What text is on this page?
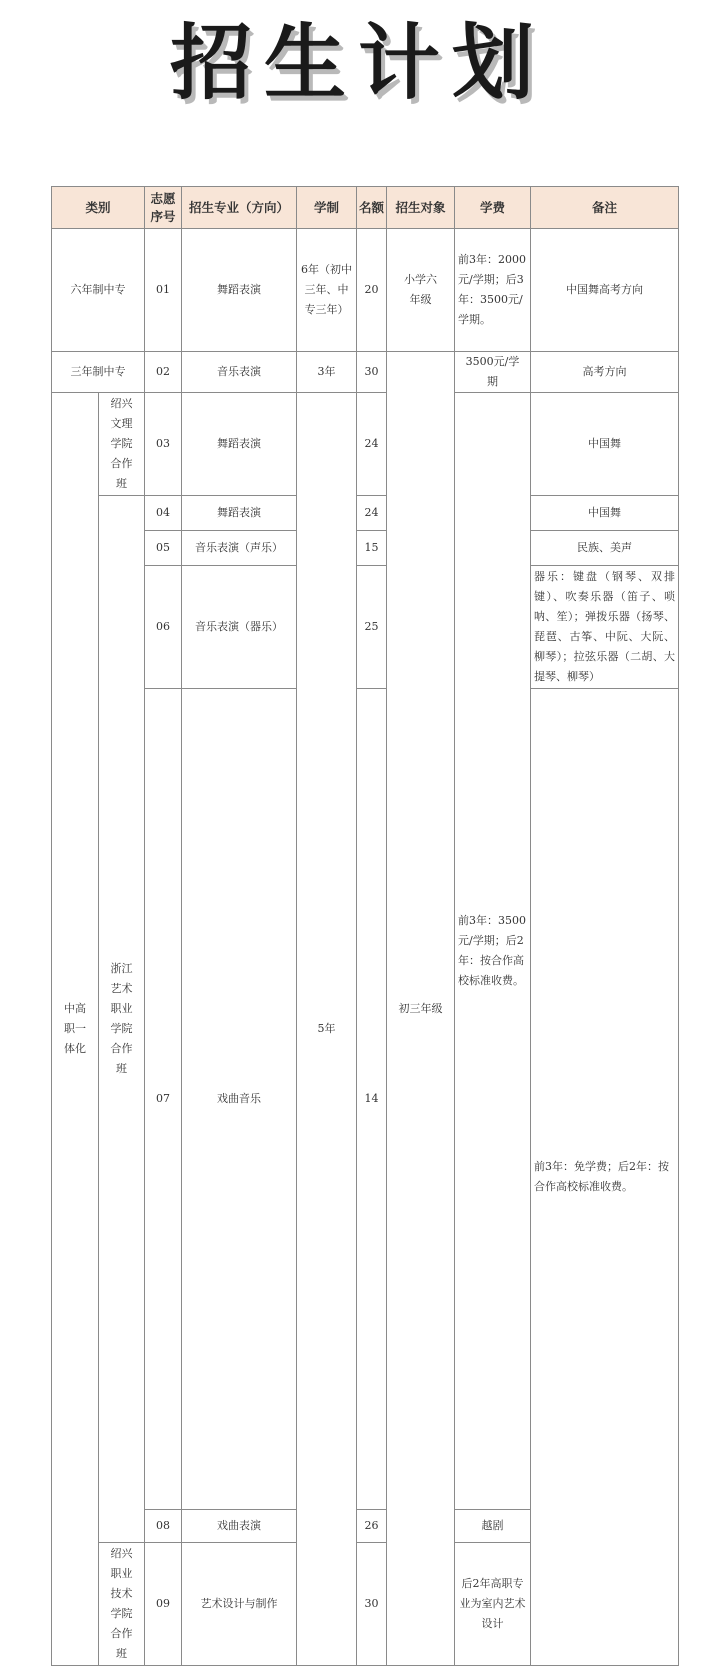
招生计划
类别		志愿序号	招生专业（方向）	学制	名额	招生对象	学费	备注	
六年制中专		01	舞蹈表演	6年（初中三年、中专三年）	20	小学六年级	前3年：2000元/学期；后3年：3500元/学期。	中国舞高考方向	
三年制中专		02	音乐表演	3年	30	初三年级	3500元/学期	高考方向	
中高职一体化	绍兴文理学院合作班	03	舞蹈表演	5年	24		前3年：3500元/学期；后2年：按合作高校标准收费。	中国舞	
	浙江艺术职业学院合作班	04	舞蹈表演		24			中国舞	
		05	音乐表演（声乐）		15			民族、美声	
		06	音乐表演（器乐）		25			器乐：键盘（钢琴、双排键）、吹奏乐器（笛子、唢呐、笙）；弹拨乐器（扬琴、琵琶、古筝、中阮、大阮、柳琴）；拉弦乐器（二胡、大提琴、柳琴）	
		07	戏曲音乐		14			前3年：免学费；后2年：按合作高校标准收费。	
		08	戏曲表演		26		越剧		
	绍兴职业技术学院合作班	09	艺术设计与制作		30		后2年高职专业为室内艺术设计		
